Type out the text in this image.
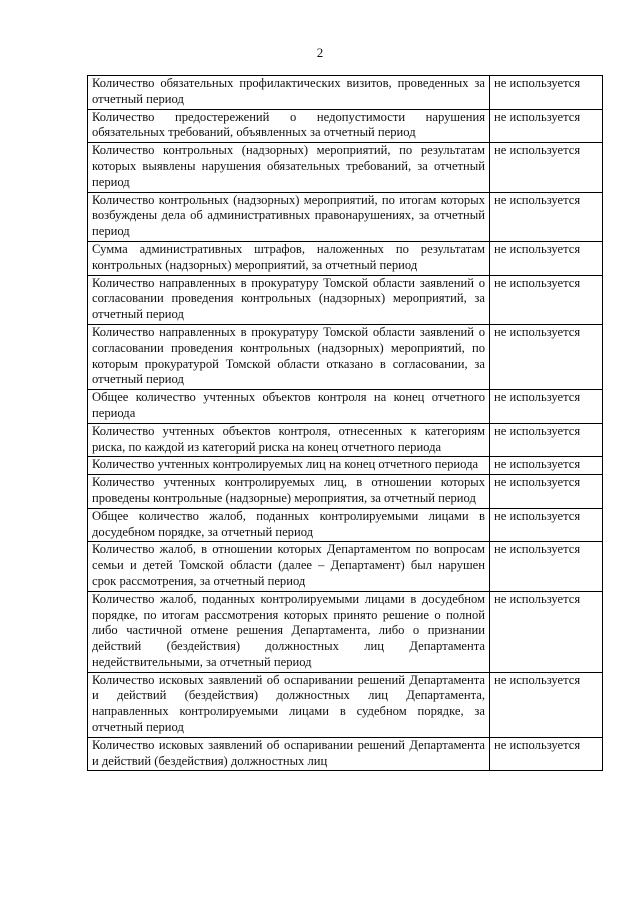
2
Количество обязательных профилактических визитов, проведенных за отчетный период	не используется
Количество предостережений о недопустимости нарушения обязательных требований, объявленных за отчетный период	не используется
Количество контрольных (надзорных) мероприятий, по результатам которых выявлены нарушения обязательных требований, за отчетный период	не используется
Количество контрольных (надзорных) мероприятий, по итогам которых возбуждены дела об административных правонарушениях, за отчетный период	не используется
Сумма административных штрафов, наложенных по результатам контрольных (надзорных) мероприятий, за отчетный период	не используется
Количество направленных в прокуратуру Томской области заявлений о согласовании проведения контрольных (надзорных) мероприятий, за отчетный период	не используется
Количество направленных в прокуратуру Томской области заявлений о согласовании проведения контрольных (надзорных) мероприятий, по которым прокуратурой Томской области отказано в согласовании, за отчетный период	не используется
Общее количество учтенных объектов контроля на конец отчетного периода	не используется
Количество учтенных объектов контроля, отнесенных к категориям риска, по каждой из категорий риска на конец отчетного периода	не используется
Количество учтенных контролируемых лиц на конец отчетного периода	не используется
Количество учтенных контролируемых лиц, в отношении которых проведены контрольные (надзорные) мероприятия, за отчетный период	не используется
Общее количество жалоб, поданных контролируемыми лицами в досудебном порядке, за отчетный период	не используется
Количество жалоб, в отношении которых Департаментом по вопросам семьи и детей Томской области (далее – Департамент) был нарушен срок рассмотрения, за отчетный период	не используется
Количество жалоб, поданных контролируемыми лицами в досудебном порядке, по итогам рассмотрения которых принято решение о полной либо частичной отмене решения Департамента, либо о признании действий (бездействия) должностных лиц Департамента недействительными, за отчетный период	не используется
Количество исковых заявлений об оспаривании решений Департамента и действий (бездействия) должностных лиц Департамента, направленных контролируемыми лицами в судебном порядке, за отчетный период	не используется
Количество исковых заявлений об оспаривании решений Департамента и действий (бездействия) должностных лиц	не используется
